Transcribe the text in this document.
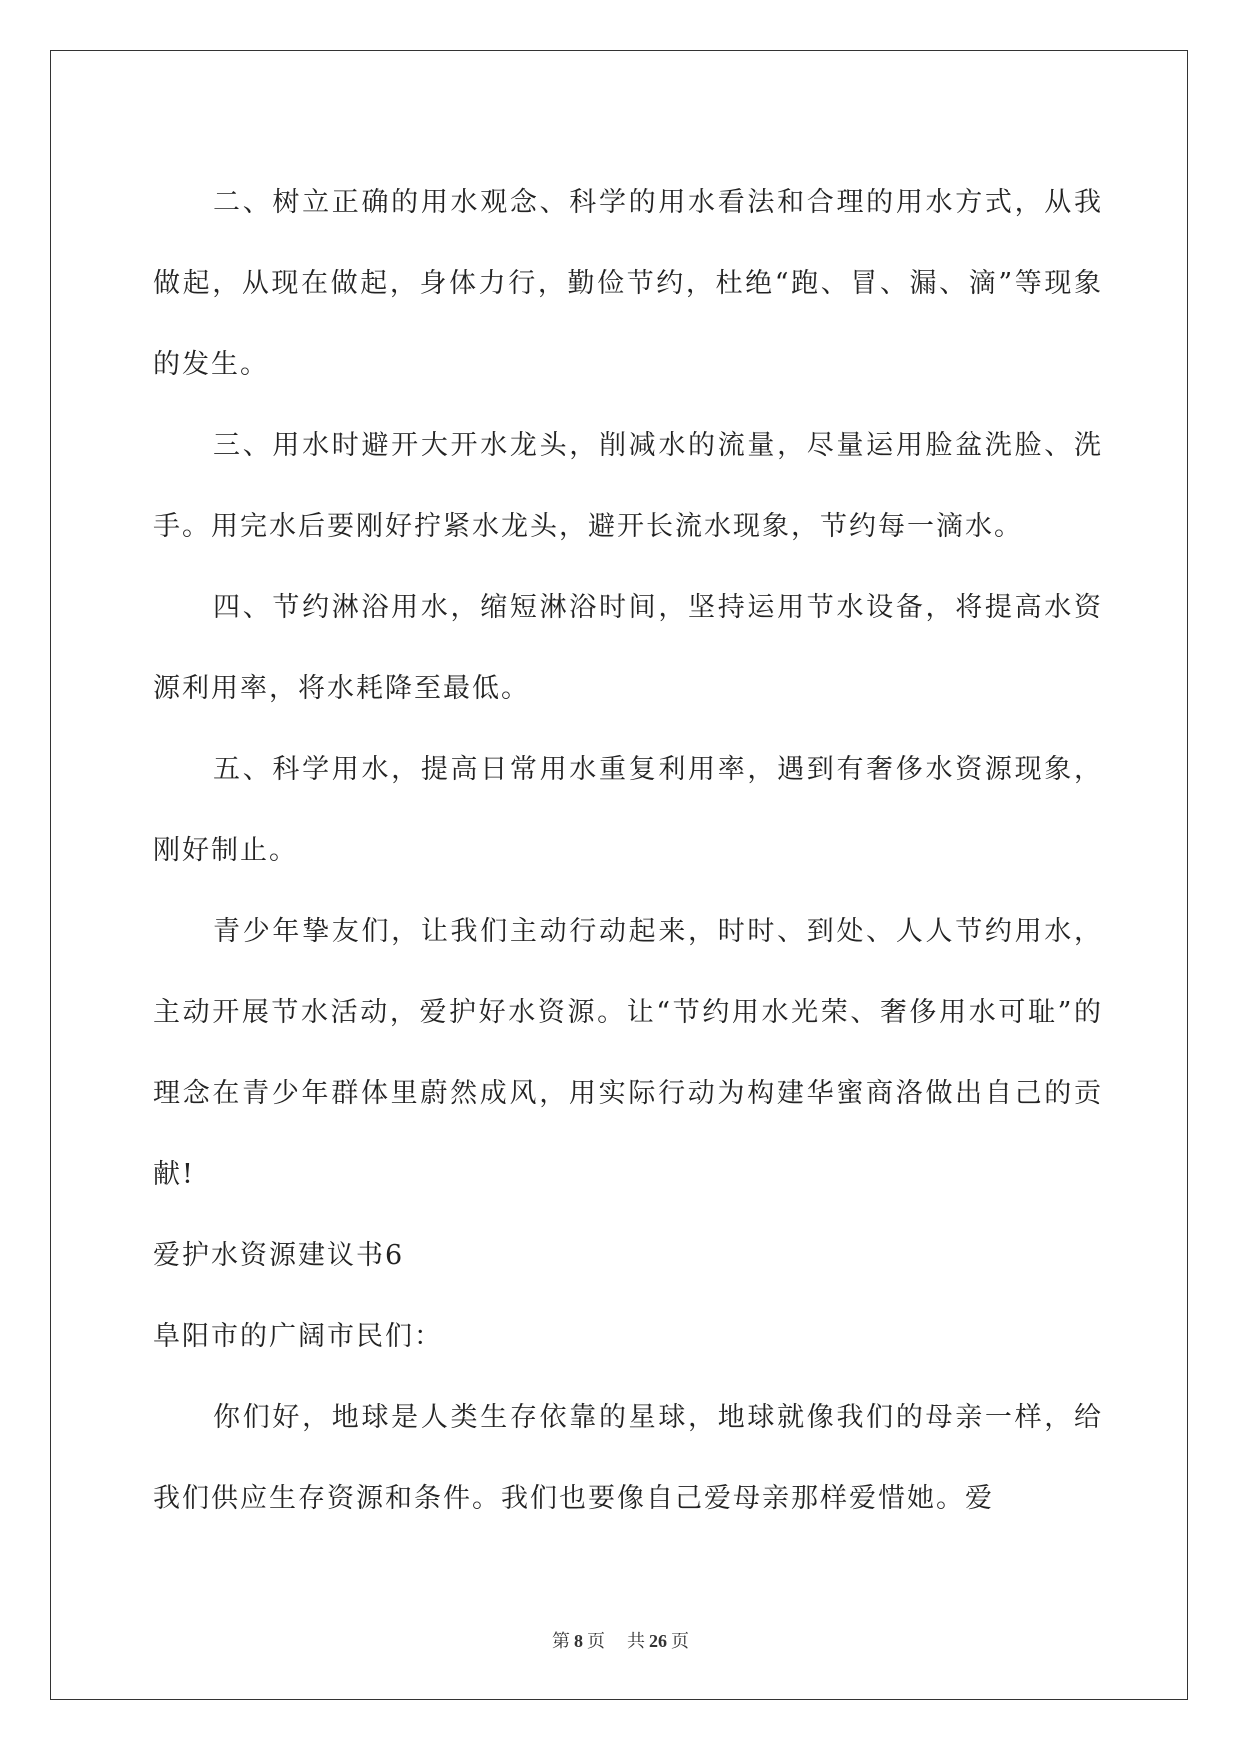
二、树立正确的用水观念、科学的用水看法和合理的用水方式，从我做起，从现在做起，身体力行，勤俭节约，杜绝“跑、冒、漏、滴”等现象的发生。

三、用水时避开大开水龙头，削减水的流量，尽量运用脸盆洗脸、洗手。用完水后要刚好拧紧水龙头，避开长流水现象，节约每一滴水。

四、节约淋浴用水，缩短淋浴时间，坚持运用节水设备，将提高水资源利用率，将水耗降至最低。

五、科学用水，提高日常用水重复利用率，遇到有奢侈水资源现象，刚好制止。

青少年挚友们，让我们主动行动起来，时时、到处、人人节约用水，主动开展节水活动，爱护好水资源。让“节约用水光荣、奢侈用水可耻”的理念在青少年群体里蔚然成风，用实际行动为构建华蜜商洛做出自己的贡献!

爱护水资源建议书6

阜阳市的广阔市民们：

你们好，地球是人类生存依靠的星球，地球就像我们的母亲一样，给我们供应生存资源和条件。我们也要像自己爱母亲那样爱惜她。爱

第 8 页 共 26 页
